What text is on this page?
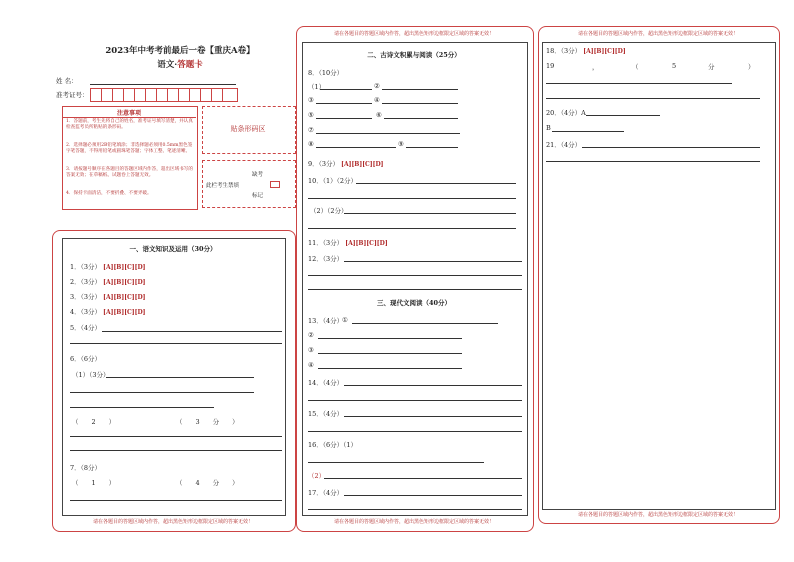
2023年中考考前最后一卷【重庆A卷】
语文·答题卡
姓 名：
准考证号：
注意事项
1．答题前，考生先将自己的姓名，准考证号填写清楚，并认真检查监考员所粘贴的条形码。
2．选择题必须用2B铅笔填涂；非选择题必须用0.5mm黑色签字笔答题，不得用铅笔或圆珠笔答题；字体工整、笔迹清晰。
3．请按题号顺序在各题目的答题区域内作答，超出区域书写的答案无效；在草稿纸、试题卷上答题无效。
4．保持卡面清洁，不要折叠、不要弄破。
贴条形码区
缺考
此栏考生禁填
标记
一、语文知识及运用（30分）
1．（3分） [A][B][C][D]
2．（3分） [A][B][C][D]
3．（3分） [A][B][C][D]
4．（3分） [A][B][C][D]
5．（4分）
6．（6分）
（1）（3分）
（　　2　　）	（　　3　　分　　）
7．（8分）
（　　1　　）	（　　4　　分　　）
请在各题目的答题区域内作答，超出黑色矩形边框限定区域的答案无效！
请在各题目的答题区域内作答，超出黑色矩形边框限定区域的答案无效！
二、古诗文积累与阅读（25分）
8．（10分）
（1）	②
③	④
⑤	⑥
⑦
⑧	⑨
9．（3分） [A][B][C][D]
10．（1）（2分）
（2）（2分）
11．（3分） [A][B][C][D]
12．（3分）
三、现代文阅读（40分）
13．（4分）
①
②
③
④
14．（4分）
15．（4分）
16．（6分）（1）
（2）
17．（4分）
请在各题目的答题区域内作答，超出黑色矩形边框限定区域的答案无效！
请在各题目的答题区域内作答，超出黑色矩形边框限定区域的答案无效！
18．（3分） [A][B][C][D]
19	，	（	5	分	）
20．（4分）A
B
21．（4分）
请在各题目的答题区域内作答，超出黑色矩形边框限定区域的答案无效！
